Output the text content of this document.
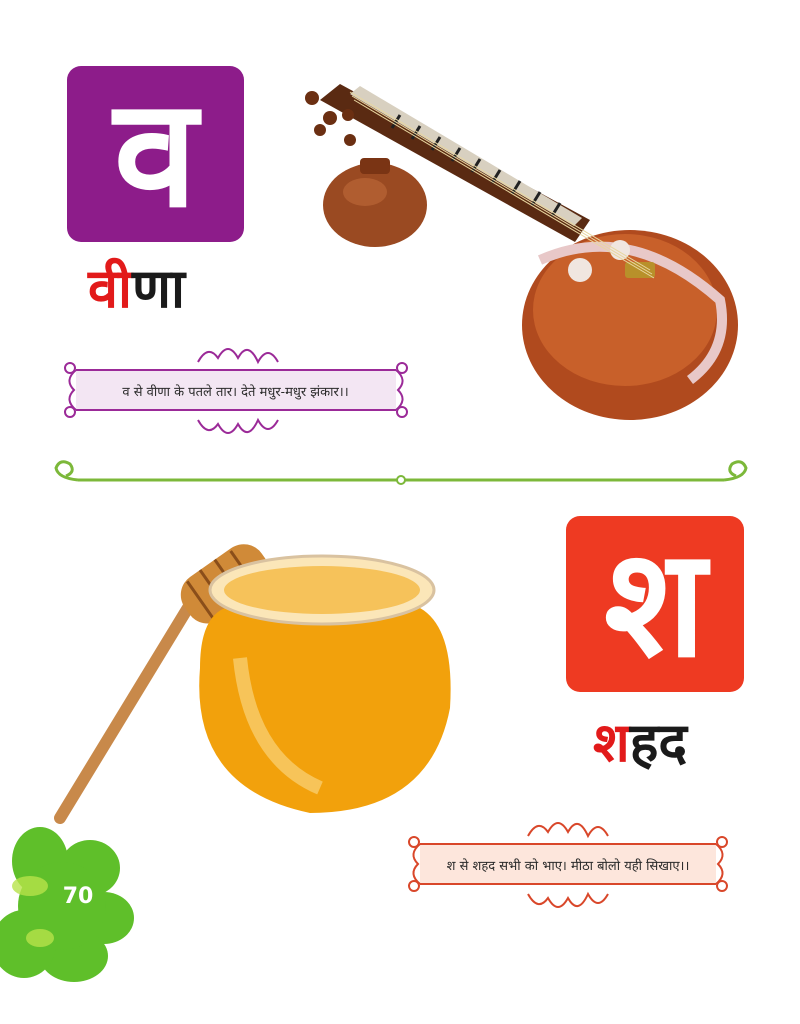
व
वीणा
व से वीणा के पतले तार। देते मधुर-मधुर झंकार।।
श
शहद
श से शहद सभी को भाए। मीठा बोलो यही सिखाए।।
70
